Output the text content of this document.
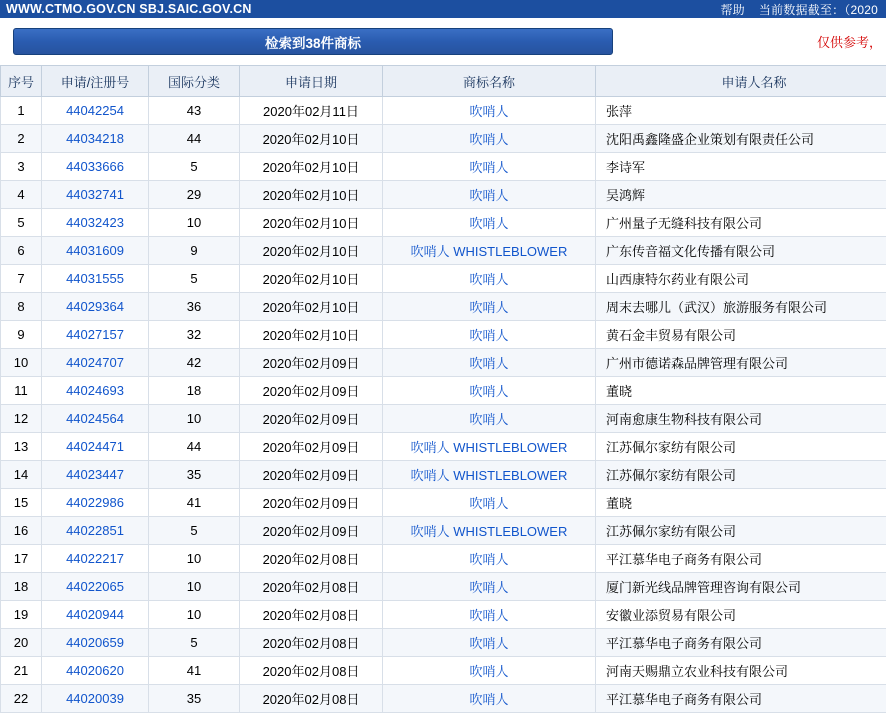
WWW.CTMO.GOV.CN SBJ.SAIC.GOV.CN	帮助 当前数据截至：（2020
检索到38件商标	仅供参考，
序号	申请/注册号	国际分类	申请日期	商标名称	申请人名称
1	44042254	43	2020年02月11日	吹哨人	张萍
2	44034218	44	2020年02月10日	吹哨人	沈阳禹鑫隆盛企业策划有限责任公司
3	44033666	5	2020年02月10日	吹哨人	李诗军
4	44032741	29	2020年02月10日	吹哨人	吴鸿辉
5	44032423	10	2020年02月10日	吹哨人	广州量子无缝科技有限公司
6	44031609	9	2020年02月10日	吹哨人 WHISTLEBLOWER	广东传音福文化传播有限公司
7	44031555	5	2020年02月10日	吹哨人	山西康特尔药业有限公司
8	44029364	36	2020年02月10日	吹哨人	周末去哪儿（武汉）旅游服务有限公司
9	44027157	32	2020年02月10日	吹哨人	黄石金丰贸易有限公司
10	44024707	42	2020年02月09日	吹哨人	广州市德诺森品牌管理有限公司
11	44024693	18	2020年02月09日	吹哨人	董晓
12	44024564	10	2020年02月09日	吹哨人	河南愈康生物科技有限公司
13	44024471	44	2020年02月09日	吹哨人 WHISTLEBLOWER	江苏佩尔家纺有限公司
14	44023447	35	2020年02月09日	吹哨人 WHISTLEBLOWER	江苏佩尔家纺有限公司
15	44022986	41	2020年02月09日	吹哨人	董晓
16	44022851	5	2020年02月09日	吹哨人 WHISTLEBLOWER	江苏佩尔家纺有限公司
17	44022217	10	2020年02月08日	吹哨人	平江慕华电子商务有限公司
18	44022065	10	2020年02月08日	吹哨人	厦门新光线品牌管理咨询有限公司
19	44020944	10	2020年02月08日	吹哨人	安徽业添贸易有限公司
20	44020659	5	2020年02月08日	吹哨人	平江慕华电子商务有限公司
21	44020620	41	2020年02月08日	吹哨人	河南天赐鼎立农业科技有限公司
22	44020039	35	2020年02月08日	吹哨人	平江慕华电子商务有限公司
